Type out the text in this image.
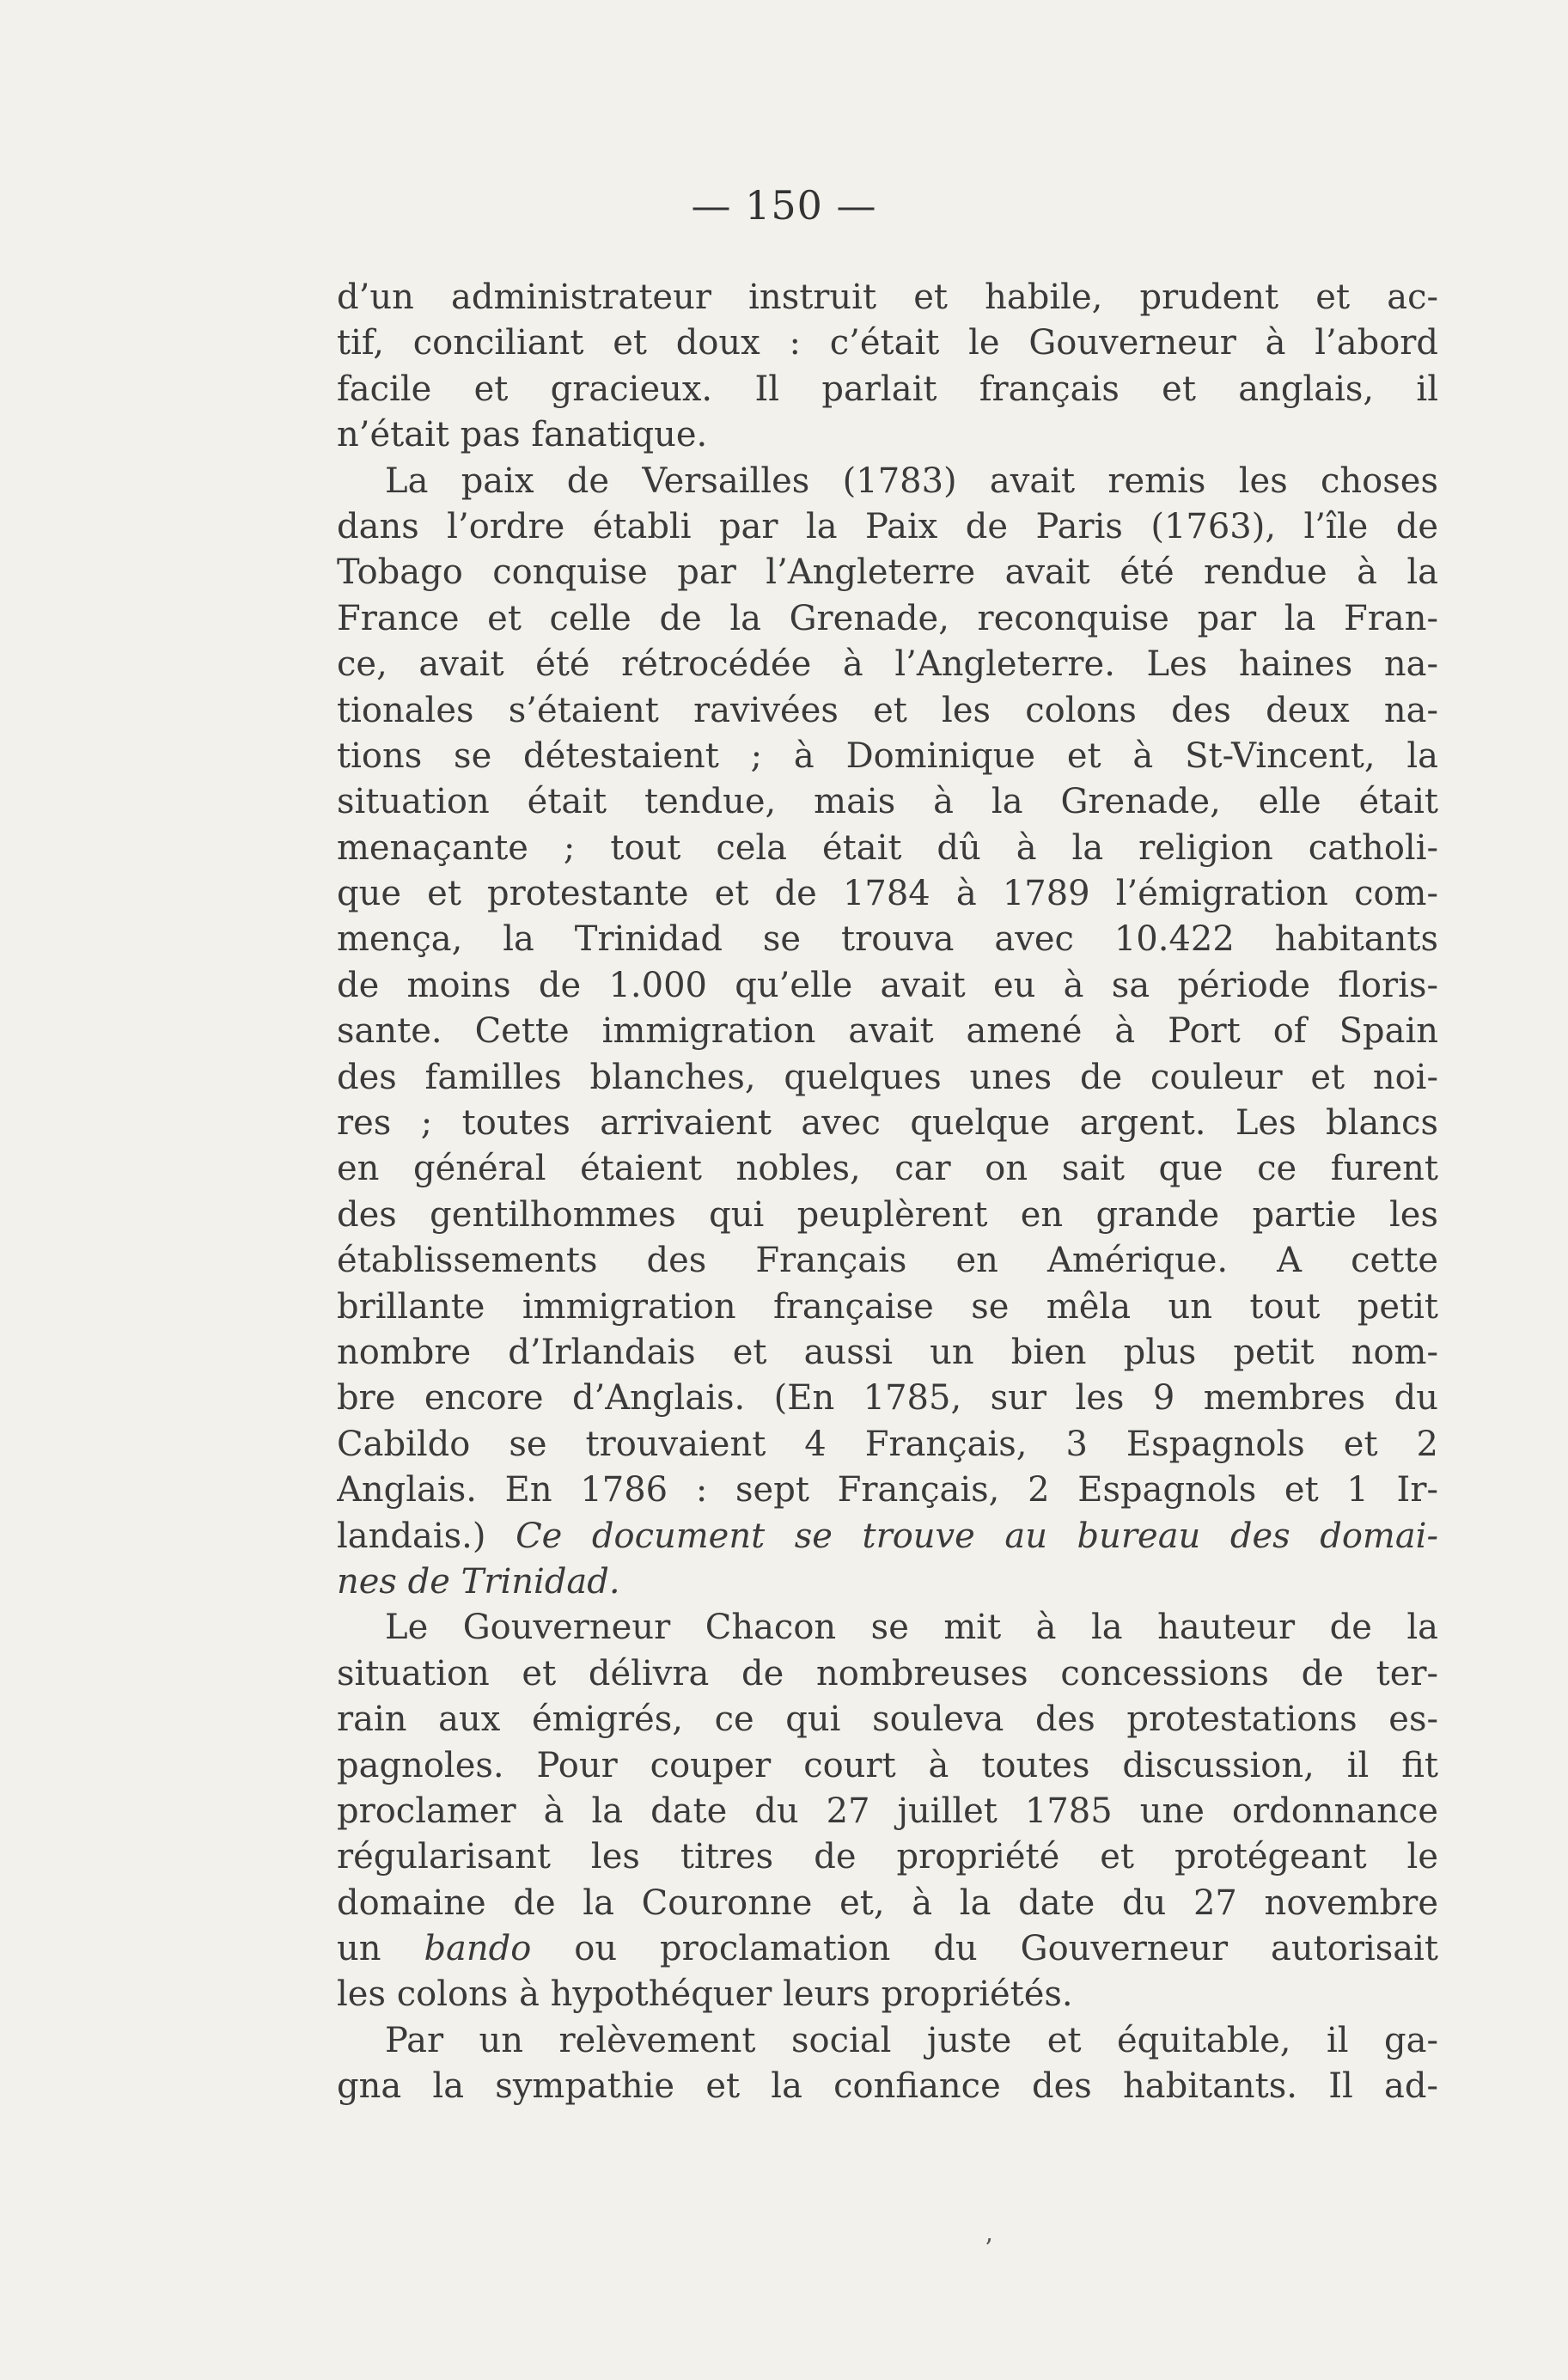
— 150 —
d’un administrateur instruit et habile, prudent et ac-
tif, conciliant et doux : c’était le Gouverneur à l’abord
facile et gracieux. Il parlait français et anglais, il
n’était pas fanatique.
La paix de Versailles (1783) avait remis les choses
dans l’ordre établi par la Paix de Paris (1763), l’île de
Tobago conquise par l’Angleterre avait été rendue à la
France et celle de la Grenade, reconquise par la Fran-
ce, avait été rétrocédée à l’Angleterre. Les haines na-
tionales s’étaient ravivées et les colons des deux na-
tions se détestaient ; à Dominique et à St-Vincent, la
situation était tendue, mais à la Grenade, elle était
menaçante ; tout cela était dû à la religion catholi-
que et protestante et de 1784 à 1789 l’émigration com-
mença, la Trinidad se trouva avec 10.422 habitants
de moins de 1.000 qu’elle avait eu à sa période floris-
sante. Cette immigration avait amené à Port of Spain
des familles blanches, quelques unes de couleur et noi-
res ; toutes arrivaient avec quelque argent. Les blancs
en général étaient nobles, car on sait que ce furent
des gentilhommes qui peuplèrent en grande partie les
établissements des Français en Amérique. A cette
brillante immigration française se mêla un tout petit
nombre d’Irlandais et aussi un bien plus petit nom-
bre encore d’Anglais. (En 1785, sur les 9 membres du
Cabildo se trouvaient 4 Français, 3 Espagnols et 2
Anglais. En 1786 : sept Français, 2 Espagnols et 1 Ir-
landais.) Ce document se trouve au bureau des domai-
nes de Trinidad.
Le Gouverneur Chacon se mit à la hauteur de la
situation et délivra de nombreuses concessions de ter-
rain aux émigrés, ce qui souleva des protestations es-
pagnoles. Pour couper court à toutes discussion, il fit
proclamer à la date du 27 juillet 1785 une ordonnance
régularisant les titres de propriété et protégeant le
domaine de la Couronne et, à la date du 27 novembre
un bando ou proclamation du Gouverneur autorisait
les colons à hypothéquer leurs propriétés.
Par un relèvement social juste et équitable, il ga-
gna la sympathie et la confiance des habitants. Il ad-
’
